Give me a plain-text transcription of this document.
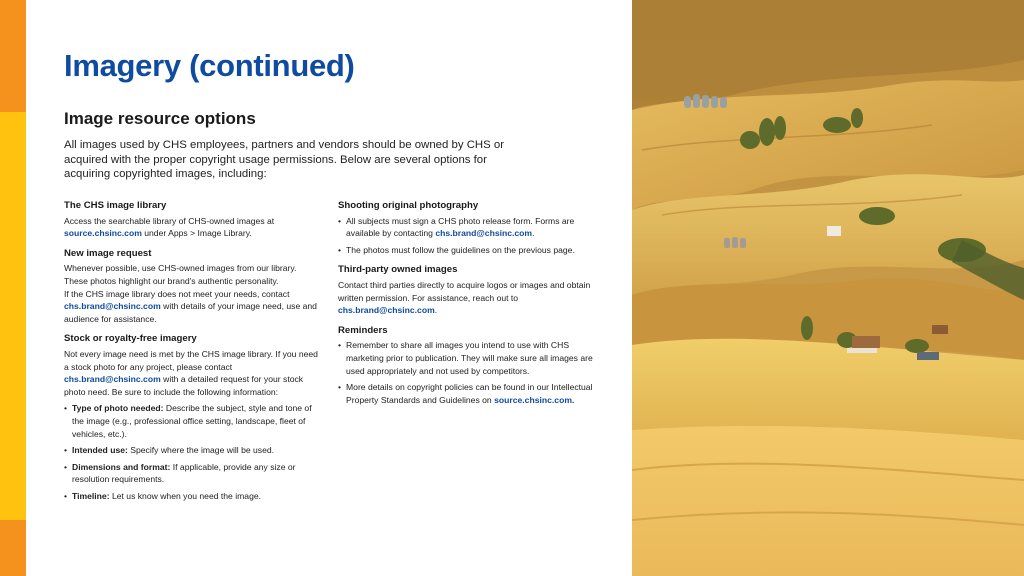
Imagery (continued)
Image resource options

All images used by CHS employees, partners and vendors should be owned by CHS or acquired with the proper copyright usage permissions. Below are several options for acquiring copyrighted images, including:

The CHS image library

Access the searchable library of CHS-owned images at source.chsinc.com under Apps > Image Library.

New image request

Whenever possible, use CHS-owned images from our library. These photos highlight our brand's authentic personality.

If the CHS image library does not meet your needs, contact chs.brand@chsinc.com with details of your image need, use and audience for assistance.

Stock or royalty-free imagery

Not every image need is met by the CHS image library. If you need a stock photo for any project, please contact chs.brand@chsinc.com with a detailed request for your stock photo need. Be sure to include the following information:

• Type of photo needed: Describe the subject, style and tone of the image (e.g., professional office setting, landscape, fleet of vehicles, etc.).
• Intended use: Specify where the image will be used.
• Dimensions and format: If applicable, provide any size or resolution requirements.
• Timeline: Let us know when you need the image.
Shooting original photography
• All subjects must sign a CHS photo release form. Forms are available by contacting chs.brand@chsinc.com.
• The photos must follow the guidelines on the previous page.
Third-party owned images

Contact third parties directly to acquire logos or images and obtain written permission. For assistance, reach out to chs.brand@chsinc.com.

Reminders
• Remember to share all images you intend to use with CHS marketing prior to publication. They will make sure all images are used appropriately and not used by competitors.
• More details on copyright policies can be found in our Intellectual Property Standards and Guidelines on source.chsinc.com.
